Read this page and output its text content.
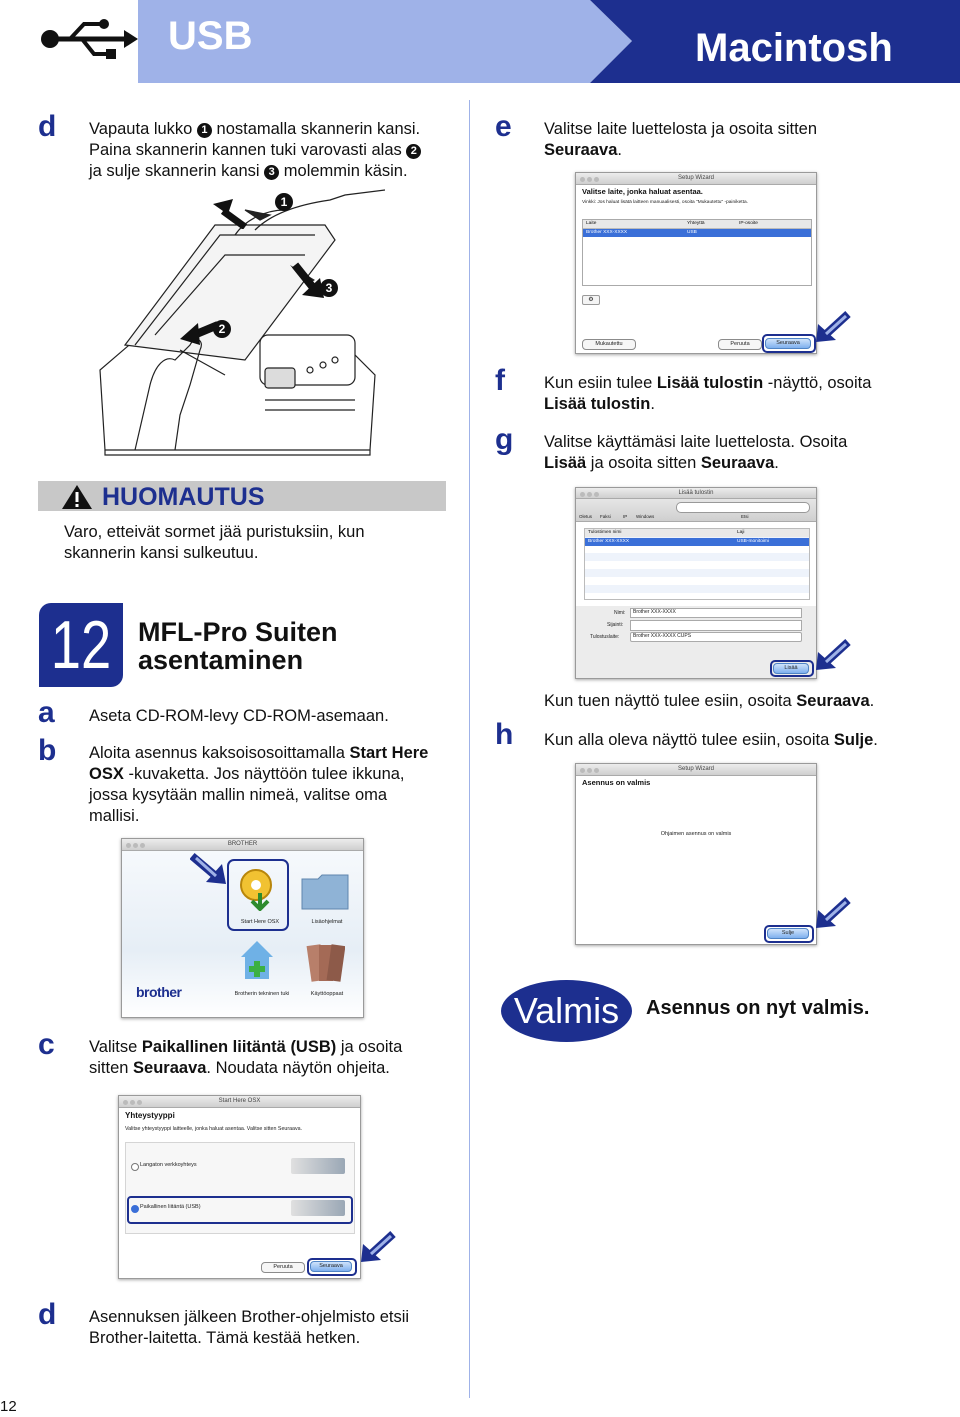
USB	Macintosh
d Vapauta lukko 1 nostamalla skannerin kansi.
Paina skannerin kannen tuki varovasti alas 2
ja sulje skannerin kansi 3 molemmin käsin.
1
3
2
HUOMAUTUS
Varo, etteivät sormet jää puristuksiin, kun
skannerin kansi sulkeutuu.
12 MFL-Pro Suiten
asentaminen
a Aseta CD-ROM-levy CD-ROM-asemaan.
b Aloita asennus kaksoisosoittamalla Start Here
OSX -kuvaketta. Jos näyttöön tulee ikkuna,
jossa kysytään mallin nimeä, valitse oma
mallisi.
BROTHER
Start Here OSX	Lisäohjelmat
Brotherin tekninen tuki	Käyttöoppaat
brother
c Valitse Paikallinen liitäntä (USB) ja osoita
sitten Seuraava. Noudata näytön ohjeita.
Start Here OSX
Yhteystyyppi
Valitse yhteystyyppi laitteelle, jonka haluat asentaa. Valitse sitten Seuraava.
Langaton verkkoyhteys
Paikallinen liitäntä (USB)
Peruuta	Seuraava
d Asennuksen jälkeen Brother-ohjelmisto etsii
Brother-laitetta. Tämä kestää hetken.
e Valitse laite luettelosta ja osoita sitten
Seuraava.
Setup Wizard
Valitse laite, jonka haluat asentaa.
Vinkki: Jos haluat lisätä laitteen manuaalisesti, osoita "Mukautettu" -painiketta.
Laite	Yhteyttä	IP-osoite
Brother XXX-XXXX	USB
⚙
Mukautettu	Peruuta	Seuraava
f Kun esiin tulee Lisää tulostin -näyttö, osoita
Lisää tulostin.
g Valitse käyttämäsi laite luettelosta. Osoita
Lisää ja osoita sitten Seuraava.
Lisää tulostin
Oletus Faksi	IP Windows	Etsi
Tulostimen nimi	Laji
Brother XXX-XXXX	USB-monitoimi
Nimi:	Brother XXX-XXXX
Sijainti:
Tulostuslaite:	Brother XXX-XXXX CUPS
Lisää
h
Kun tuen näyttö tulee esiin, osoita Seuraava.
Kun alla oleva näyttö tulee esiin, osoita Sulje.
Setup Wizard
Asennus on valmis
Ohjaimen asennus on valmis
Sulje
Valmis	Asennus on nyt valmis.
12
